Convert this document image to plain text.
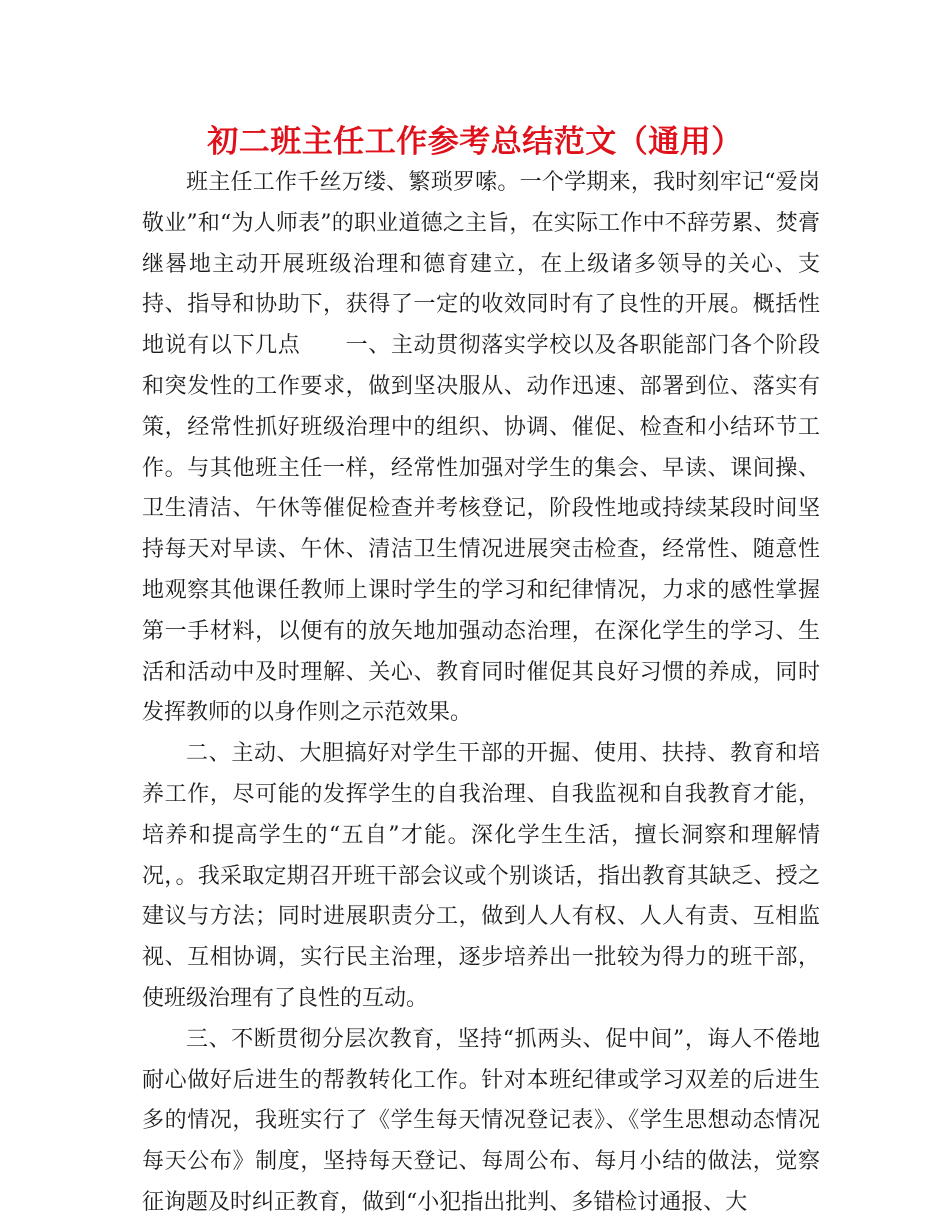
初二班主任工作参考总结范文（通用）

班主任工作千丝万缕、繁琐罗嗦。一个学期来，我时刻牢记“爱岗敬业”和“为人师表”的职业道德之主旨，在实际工作中不辞劳累、焚膏继晷地主动开展班级治理和德育建立，在上级诸多领导的关心、支持、指导和协助下，获得了一定的收效同时有了良性的开展。概括性地说有以下几点　　一、主动贯彻落实学校以及各职能部门各个阶段和突发性的工作要求，做到坚决服从、动作迅速、部署到位、落实有策，经常性抓好班级治理中的组织、协调、催促、检查和小结环节工作。与其他班主任一样，经常性加强对学生的集会、早读、课间操、卫生清洁、午休等催促检查并考核登记，阶段性地或持续某段时间坚持每天对早读、午休、清洁卫生情况进展突击检查，经常性、随意性地观察其他课任教师上课时学生的学习和纪律情况，力求的感性掌握第一手材料，以便有的放矢地加强动态治理，在深化学生的学习、生活和活动中及时理解、关心、教育同时催促其良好习惯的养成，同时发挥教师的以身作则之示范效果。

二、主动、大胆搞好对学生干部的开掘、使用、扶持、教育和培养工作，尽可能的发挥学生的自我治理、自我监视和自我教育才能，培养和提高学生的“五自”才能。深化学生生活，擅长洞察和理解情况，。我采取定期召开班干部会议或个别谈话，指出教育其缺乏、授之建议与方法；同时进展职责分工，做到人人有权、人人有责、互相监视、互相协调，实行民主治理，逐步培养出一批较为得力的班干部，使班级治理有了良性的互动。

三、不断贯彻分层次教育，坚持“抓两头、促中间”，诲人不倦地耐心做好后进生的帮教转化工作。针对本班纪律或学习双差的后进生多的情况，我班实行了《学生每天情况登记表》、《学生思想动态情况每天公布》制度，坚持每天登记、每周公布、每月小结的做法，觉察征询题及时纠正教育，做到“小犯指出批判、多错检讨通报、大
